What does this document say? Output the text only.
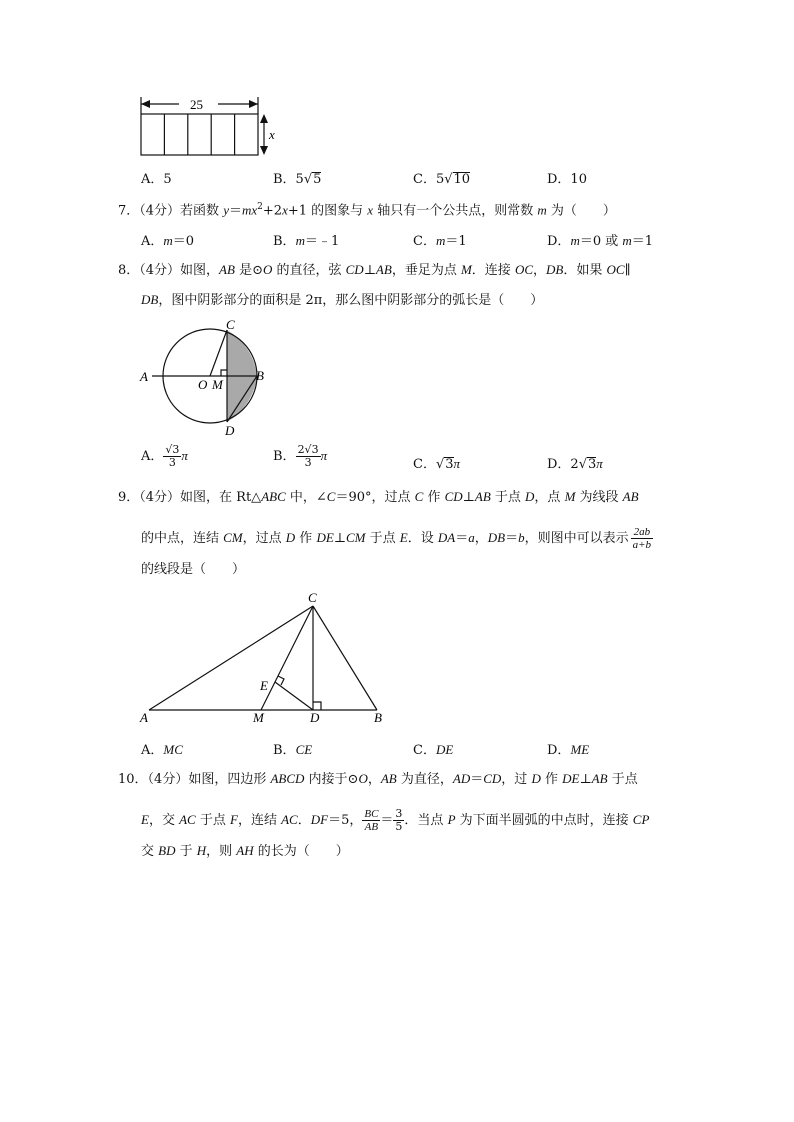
25
x
A．5	B．5√5	C．5√10	D．10
7．（4分）若函数 $y=mx^2+2x+1$ 的图象与 x 轴只有一个公共点，则常数 m 为（　　）
A．m＝0	B．m＝﹣1	C．m＝1	D．m＝0 或 m＝1
8．（4分）如图，AB 是⊙O 的直径，弦 CD⊥AB，垂足为点 M．连接 OC，DB．如果 OC∥
DB，图中阴影部分的面积是 2π，那么图中阴影部分的弧长是（　　）
A	B
C
D
O M
A． $\frac{√3}{3}$ π	B． $\frac{2√3}{3}$ π
C．√3π	D．2√3π
9．（4分）如图，在 Rt△ABC 中，∠C＝90°，过点 C 作 CD⊥AB 于点 D，点 M 为线段 AB
的中点，连结 CM，过点 D 作 DE⊥CM 于点 E．设 DA＝a，DB＝b，则图中可以表示 $\frac{2ab}{a+b}$
的线段是（　　）
A	B
C
D
E
M
A．MC	B．CE	C．DE	D．ME
10．（4分）如图，四边形 ABCD 内接于⊙O，AB 为直径，AD＝CD，过 D 作 DE⊥AB 于点
E，交 AC 于点 F，连结 AC．DF＝5， $\frac{BC}{AB} = \frac{3}{5}$ ．当点 P 为下面半圆弧的中点时，连接 CP
交 BD 于 H，则 AH 的长为（　　）
